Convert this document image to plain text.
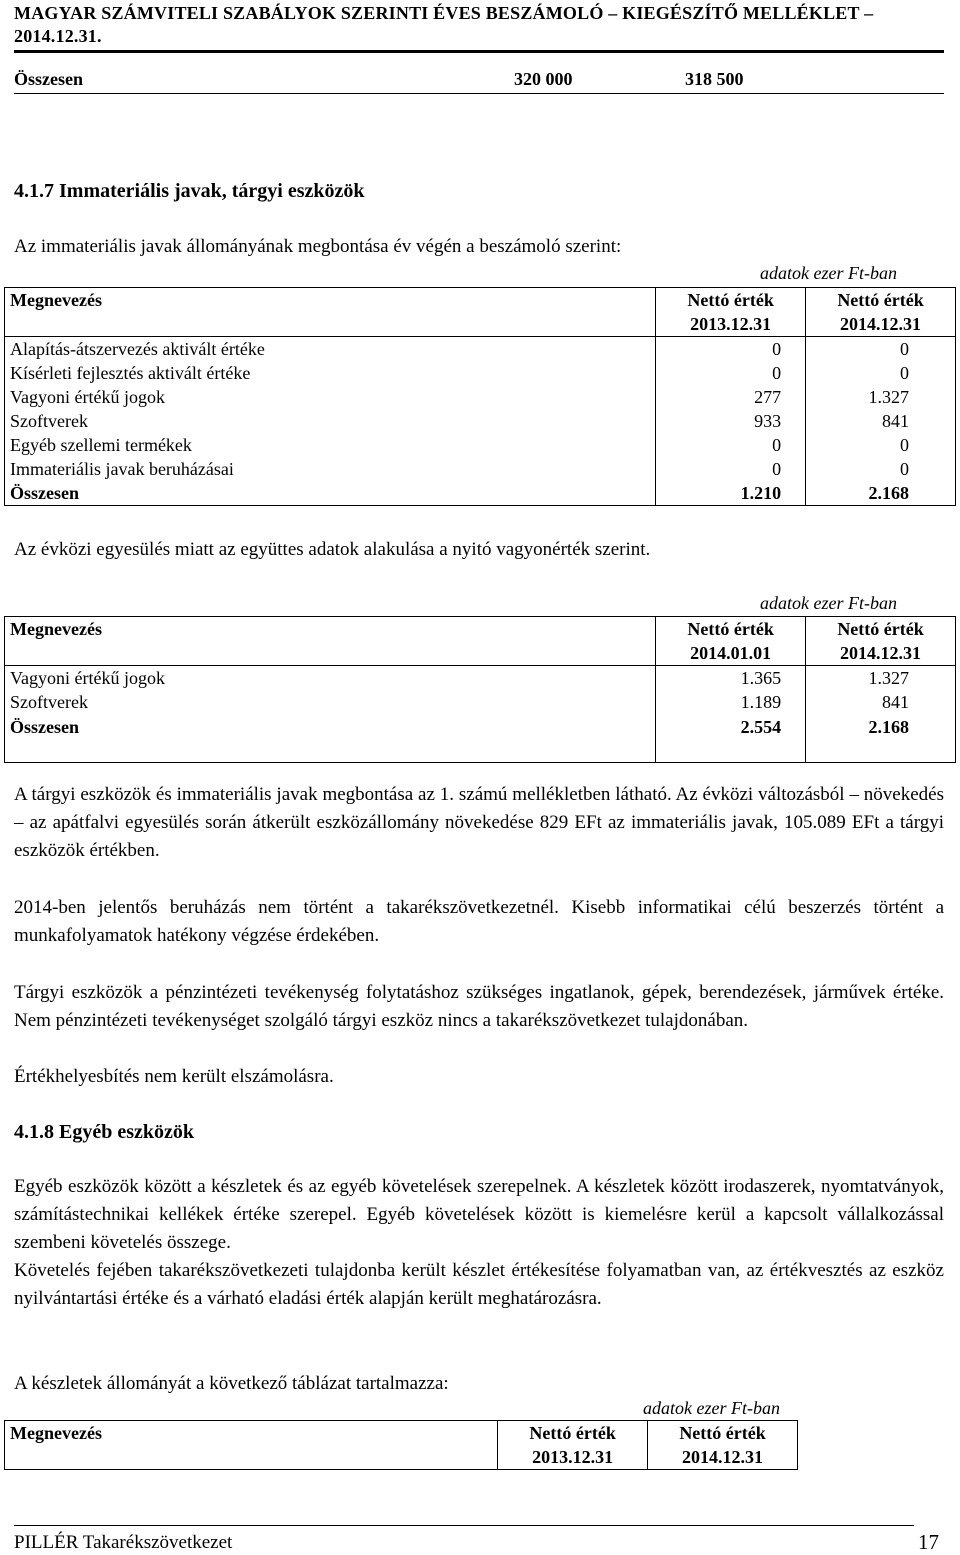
MAGYAR SZÁMVITELI SZABÁLYOK SZERINTI ÉVES BESZÁMOLÓ – KIEGÉSZÍTŐ MELLÉKLET – 2014.12.31.
Összesen	320 000	318 500
4.1.7 Immateriális javak, tárgyi eszközök
Az immateriális javak állományának megbontása év végén a beszámoló szerint:
adatok ezer Ft-ban
Megnevezés	Nettó érték	Nettó érték
	2013.12.31	2014.12.31
Alapítás-átszervezés aktivált értéke	0	0
Kísérleti fejlesztés aktivált értéke	0	0
Vagyoni értékű jogok	277	1.327
Szoftverek	933	841
Egyéb szellemi termékek	0	0
Immateriális javak beruházásai	0	0
Összesen	1.210	2.168
Az évközi egyesülés miatt az együttes adatok alakulása a nyitó vagyonérték szerint.
adatok ezer Ft-ban
Megnevezés	Nettó érték	Nettó érték
	2014.01.01	2014.12.31
Vagyoni értékű jogok	1.365	1.327
Szoftverek	1.189	841
Összesen	2.554	2.168
A tárgyi eszközök és immateriális javak megbontása az 1. számú mellékletben látható. Az évközi változásból – növekedés – az apátfalvi egyesülés során átkerült eszközállomány növekedése 829 EFt az immateriális javak, 105.089 EFt a tárgyi eszközök értékben.
2014-ben jelentős beruházás nem történt a takarékszövetkezetnél. Kisebb informatikai célú beszerzés történt a munkafolyamatok hatékony végzése érdekében.
Tárgyi eszközök a pénzintézeti tevékenység folytatáshoz szükséges ingatlanok, gépek, berendezések, járművek értéke. Nem pénzintézeti tevékenységet szolgáló tárgyi eszköz nincs a takarékszövetkezet tulajdonában.
Értékhelyesbítés nem került elszámolásra.
4.1.8 Egyéb eszközök
Egyéb eszközök között a készletek és az egyéb követelések szerepelnek. A készletek között irodaszerek, nyomtatványok, számítástechnikai kellékek értéke szerepel. Egyéb követelések között is kiemelésre kerül a kapcsolt vállalkozással szembeni követelés összege.
Követelés fejében takarékszövetkezeti tulajdonba került készlet értékesítése folyamatban van, az értékvesztés az eszköz nyilvántartási értéke és a várható eladási érték alapján került meghatározásra.
A készletek állományát a következő táblázat tartalmazza:
adatok ezer Ft-ban
Megnevezés	Nettó érték	Nettó érték
	2013.12.31	2014.12.31
PILLÉR Takarékszövetkezet	17
